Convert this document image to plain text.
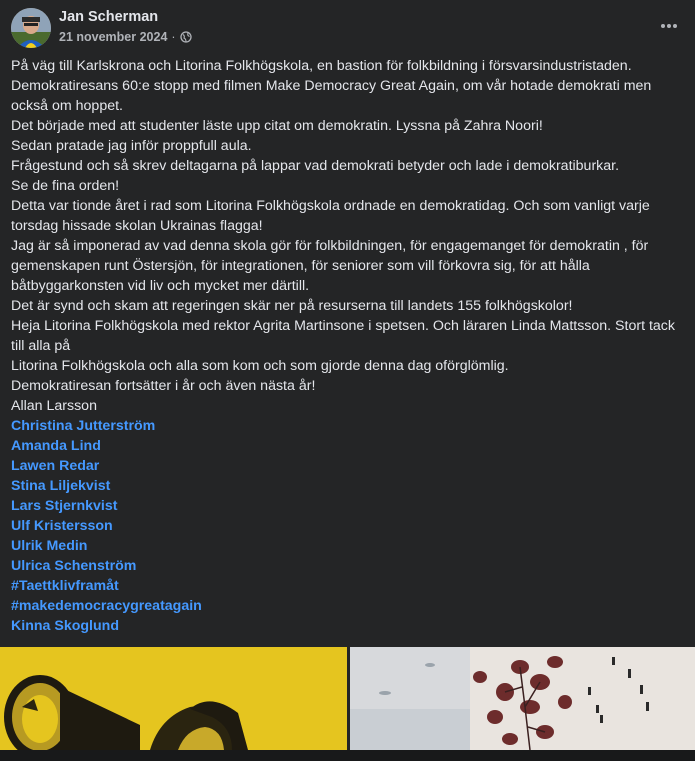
Jan Scherman
21 november 2024 ·

På väg till Karlskrona och Litorina Folkhögskola, en bastion för folkbildning i försvarsindustristaden.

Demokratiresans 60:e stopp med filmen Make Democracy Great Again, om vår hotade demokrati men också om hoppet.

Det började med att studenter läste upp citat om demokratin. Lyssna på Zahra Noori!

Sedan pratade jag inför proppfull aula.

Frågestund och så skrev deltagarna på lappar vad demokrati betyder och lade i demokratiburkar.

Se de fina orden!

Detta var tionde året i rad som Litorina Folkhögskola ordnade en demokratidag. Och som vanligt varje torsdag hissade skolan Ukrainas flagga!

Jag är så imponerad av vad denna skola gör för folkbildningen, för engagemanget för demokratin , för gemenskapen runt Östersjön, för integrationen, för seniorer som vill förkovra sig, för att hålla båtbyggarkonsten vid liv och mycket mer därtill.

Det är synd och skam att regeringen skär ner på resurserna till landets 155 folkhögskolor!

Heja Litorina Folkhögskola med rektor Agrita Martinsone i spetsen. Och läraren Linda Mattsson. Stort tack till alla på

Litorina Folkhögskola och alla som kom och som gjorde denna dag oförglömlig.

Demokratiresan fortsätter i år och även nästa år!

Allan Larsson

Christina Jutterström
Amanda Lind
Lawen Redar
Stina Liljekvist
Lars Stjernkvist
Ulf Kristersson
Ulrik Medin
Ulrica Schenström
#Taettklivframåt
#makedemocracygreatagain
Kinna Skoglund
